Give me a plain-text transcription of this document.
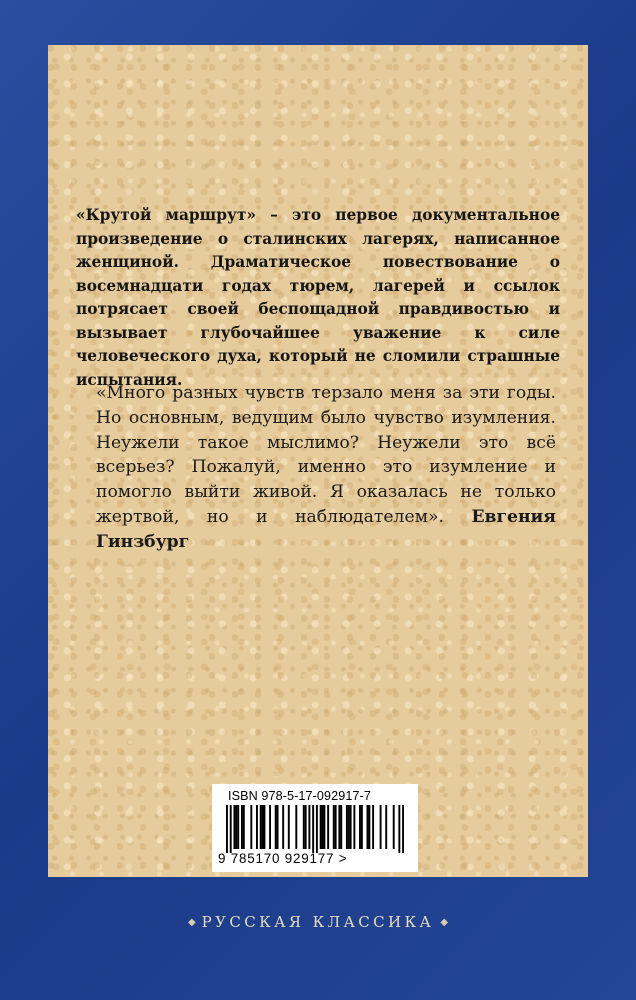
«Крутой маршрут» – это первое документальное произведение о сталинских лагерях, написанное женщиной. Драматическое повествование о восемнадцати годах тюрем, лагерей и ссылок потрясает своей беспощадной правдивостью и вызывает глубочайшее уважение к силе человеческого духа, который не сломили страшные испытания.

«Много разных чувств терзало меня за эти годы. Но основным, ведущим было чувство изумления. Неужели такое мыслимо? Неужели это всё всерьез? Пожалуй, именно это изумление и помогло выйти живой. Я оказалась не только жертвой, но и наблюдателем». Евгения Гинзбург

ISBN 978-5-17-092917-7
9 785170 929177 >
◆ РУССКАЯ КЛАССИКА ◆
